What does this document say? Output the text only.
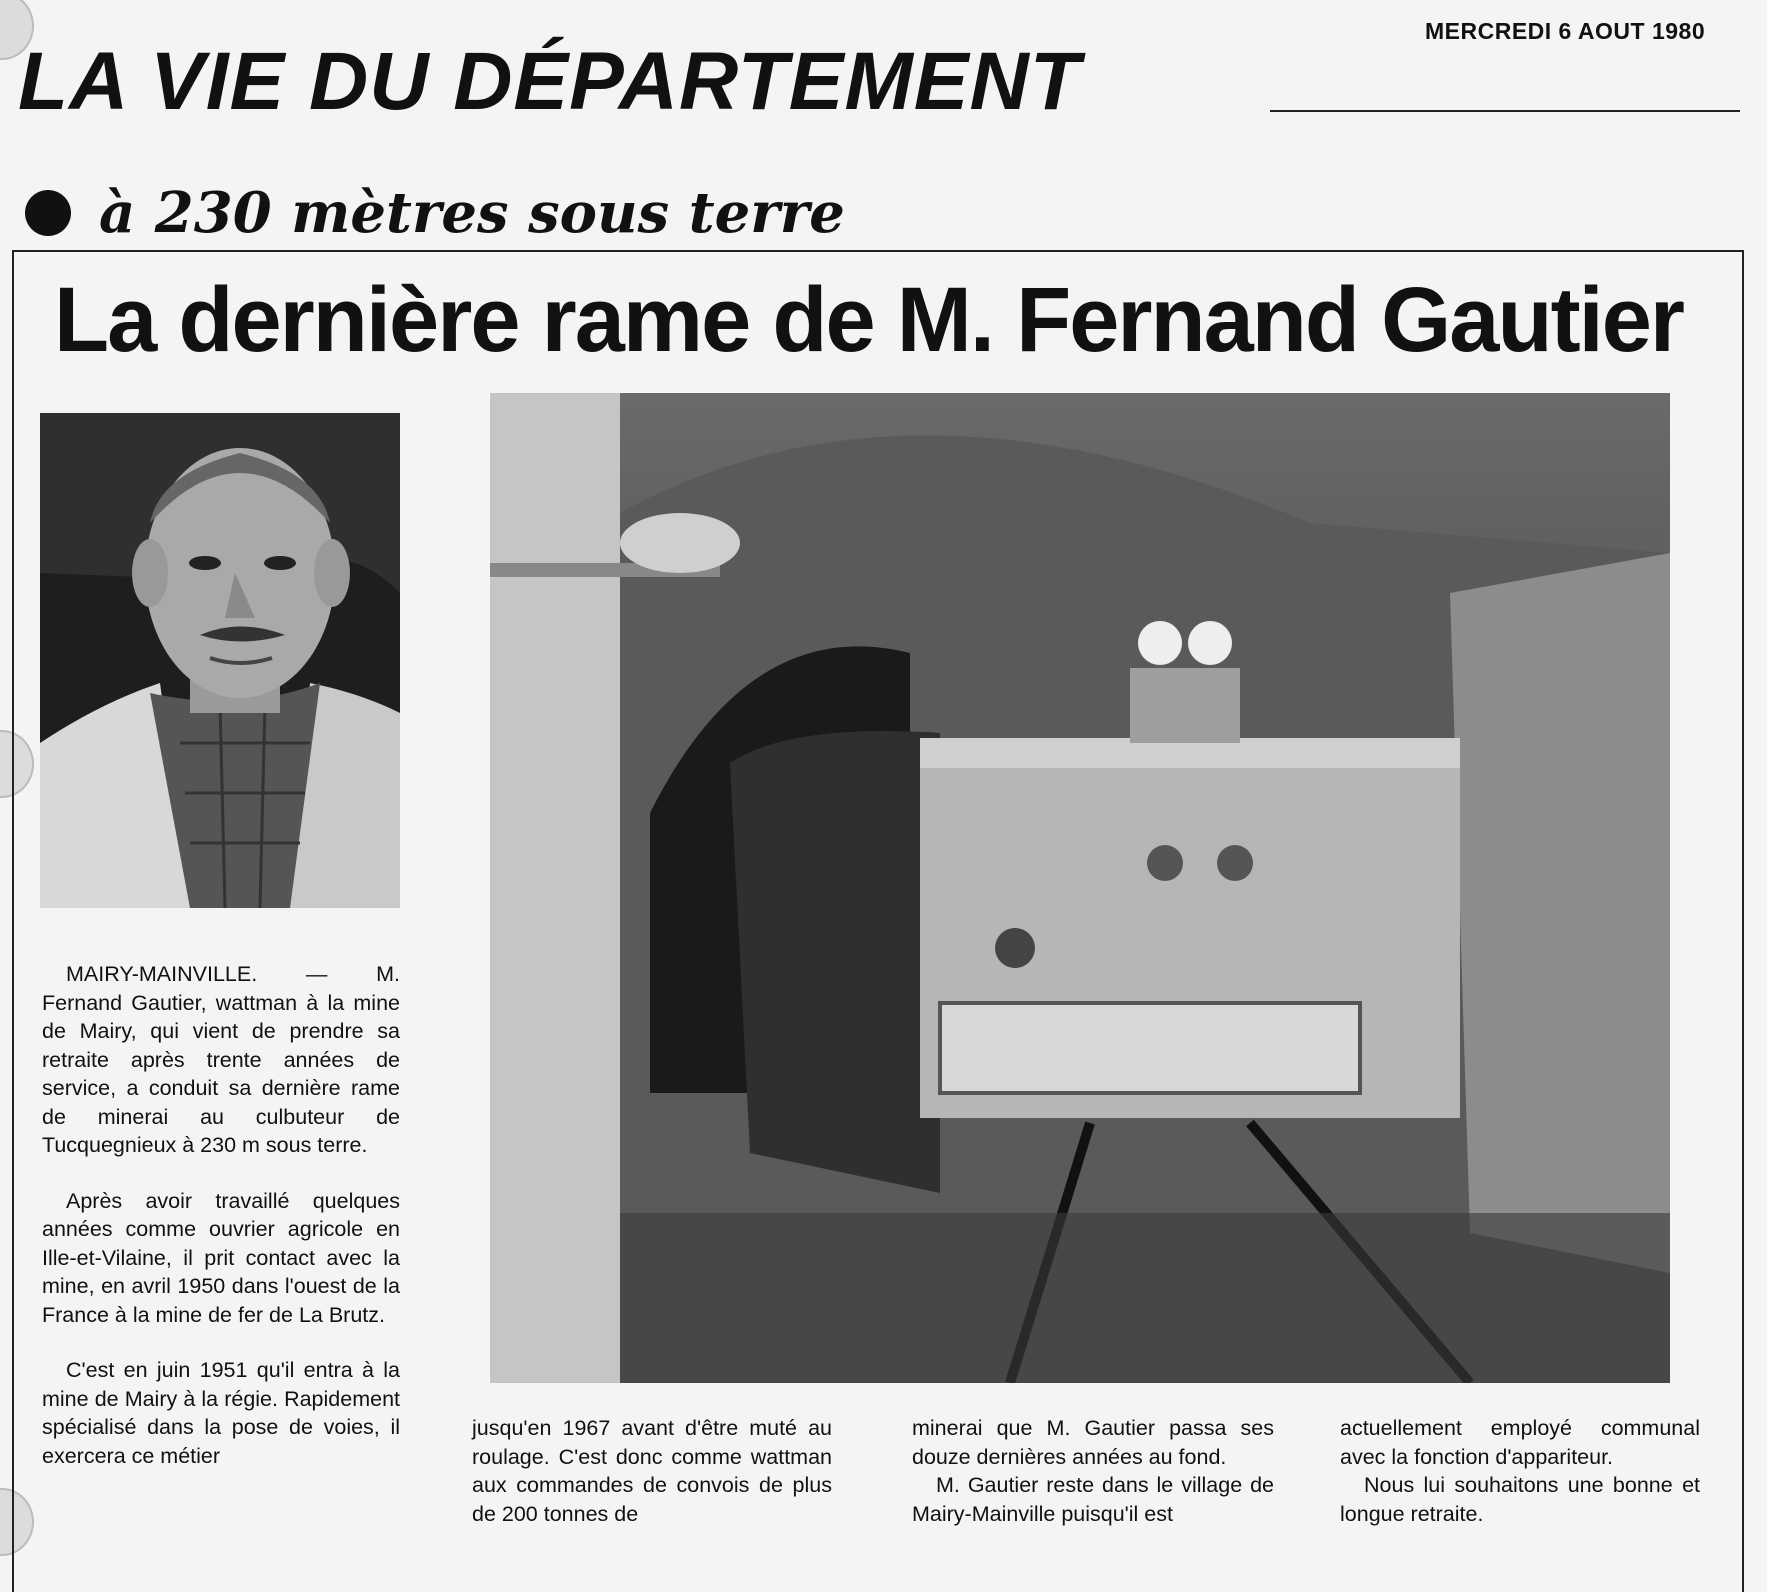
MERCREDI 6 AOUT 1980
LA VIE DU DÉPARTEMENT
à 230 mètres sous terre
La dernière rame de M. Fernand Gautier

MAIRY-MAINVILLE. — M. Fernand Gautier, wattman à la mine de Mairy, qui vient de prendre sa retraite après trente années de service, a conduit sa dernière rame de minerai au culbuteur de Tucquegnieux à 230 m sous terre.

Après avoir travaillé quelques années comme ouvrier agricole en Ille-et-Vilaine, il prit contact avec la mine, en avril 1950 dans l'ouest de la France à la mine de fer de La Brutz.

C'est en juin 1951 qu'il entra à la mine de Mairy à la régie. Rapidement spécialisé dans la pose de voies, il exercera ce métier

jusqu'en 1967 avant d'être muté au roulage. C'est donc comme wattman aux commandes de convois de plus de 200 tonnes de

minerai que M. Gautier passa ses douze dernières années au fond.

M. Gautier reste dans le village de Mairy-Mainville puisqu'il est

actuellement employé communal avec la fonction d'appariteur.

Nous lui souhaitons une bonne et longue retraite.
